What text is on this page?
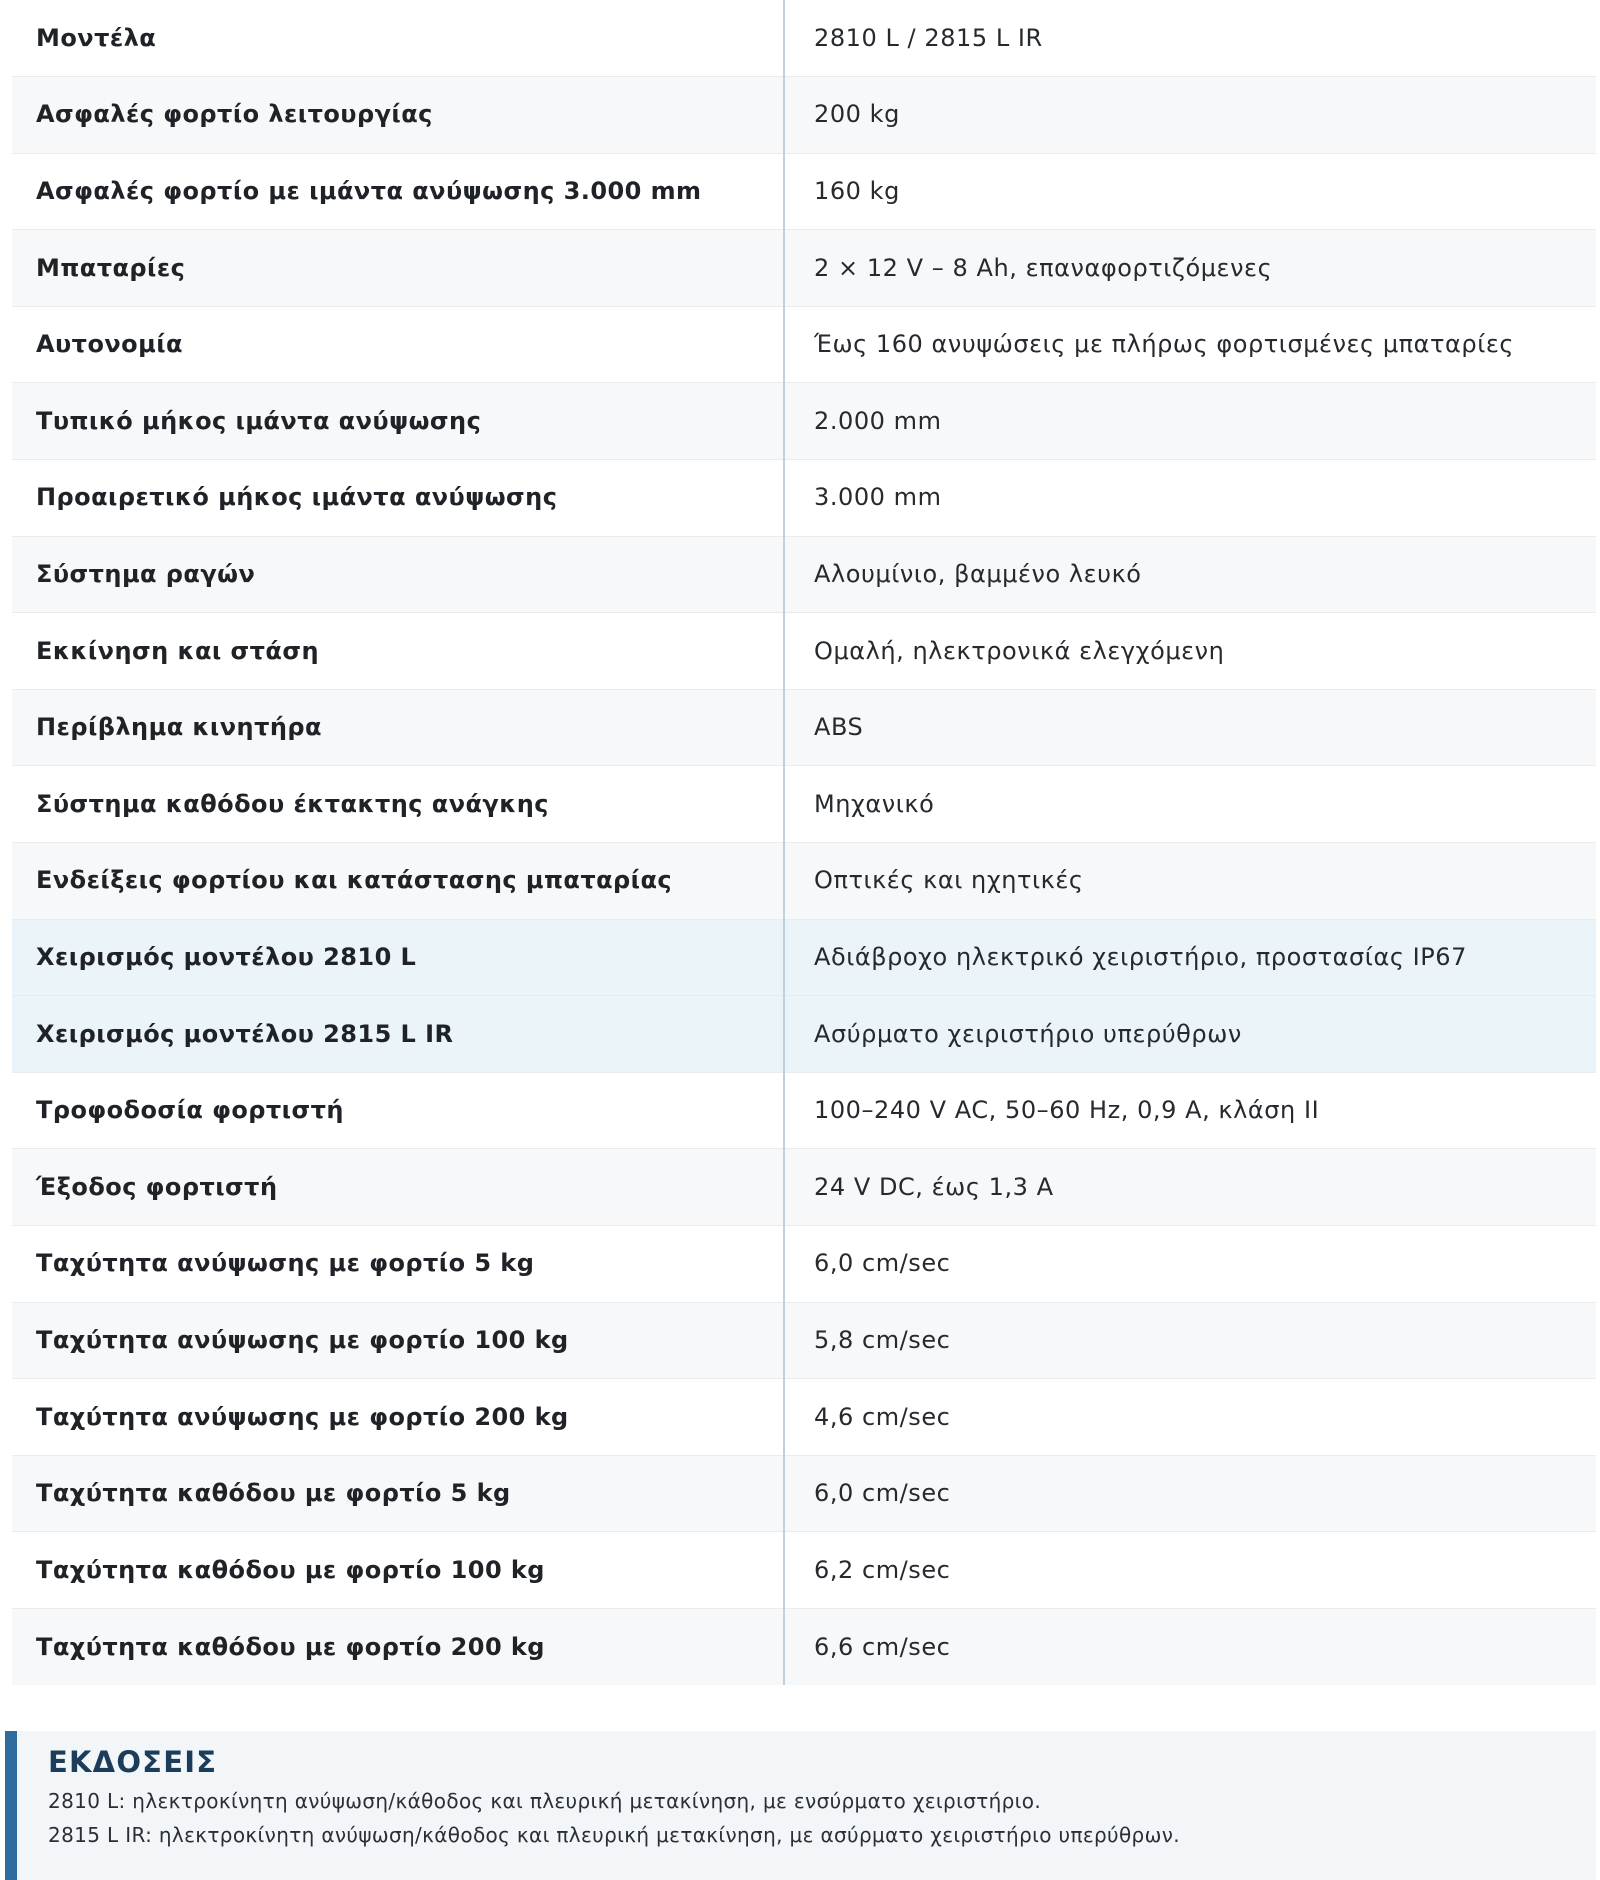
Μοντέλα	2810 L / 2815 L IR
Ασφαλές φορτίο λειτουργίας	200 kg
Ασφαλές φορτίο με ιμάντα ανύψωσης 3.000 mm	160 kg
Μπαταρίες	2 × 12 V – 8 Ah, επαναφορτιζόμενες
Αυτονομία	Έως 160 ανυψώσεις με πλήρως φορτισμένες μπαταρίες
Τυπικό μήκος ιμάντα ανύψωσης	2.000 mm
Προαιρετικό μήκος ιμάντα ανύψωσης	3.000 mm
Σύστημα ραγών	Αλουμίνιο, βαμμένο λευκό
Εκκίνηση και στάση	Ομαλή, ηλεκτρονικά ελεγχόμενη
Περίβλημα κινητήρα	ABS
Σύστημα καθόδου έκτακτης ανάγκης	Μηχανικό
Ενδείξεις φορτίου και κατάστασης μπαταρίας	Οπτικές και ηχητικές
Χειρισμός μοντέλου 2810 L	Αδιάβροχο ηλεκτρικό χειριστήριο, προστασίας IP67
Χειρισμός μοντέλου 2815 L IR	Ασύρματο χειριστήριο υπερύθρων
Τροφοδοσία φορτιστή	100–240 V AC, 50–60 Hz, 0,9 A, κλάση II
Έξοδος φορτιστή	24 V DC, έως 1,3 A
Ταχύτητα ανύψωσης με φορτίο 5 kg	6,0 cm/sec
Ταχύτητα ανύψωσης με φορτίο 100 kg	5,8 cm/sec
Ταχύτητα ανύψωσης με φορτίο 200 kg	4,6 cm/sec
Ταχύτητα καθόδου με φορτίο 5 kg	6,0 cm/sec
Ταχύτητα καθόδου με φορτίο 100 kg	6,2 cm/sec
Ταχύτητα καθόδου με φορτίο 200 kg	6,6 cm/sec
ΕΚΔΟΣΕΙΣ
2810 L: ηλεκτροκίνητη ανύψωση/κάθοδος και πλευρική μετακίνηση, με ενσύρματο χειριστήριο.
2815 L IR: ηλεκτροκίνητη ανύψωση/κάθοδος και πλευρική μετακίνηση, με ασύρματο χειριστήριο υπερύθρων.
